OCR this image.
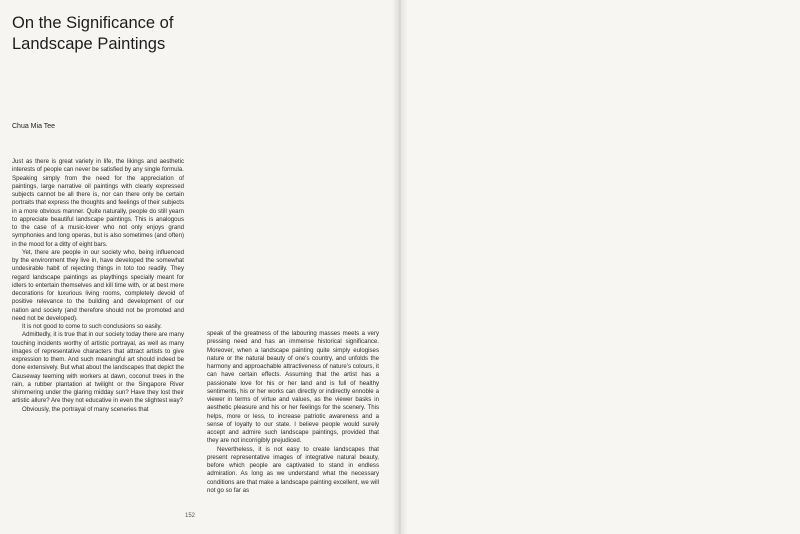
On the Significance of
Landscape Paintings
Chua Mia Tee

Just as there is great variety in life, the likings and aesthetic interests of people can never be satisfied by any single formula. Speaking simply from the need for the appreciation of paintings, large narrative oil paintings with clearly expressed subjects cannot be all there is, nor can there only be certain portraits that express the thoughts and feelings of their subjects in a more obvious manner. Quite naturally, people do still yearn to appreciate beautiful landscape paintings. This is analogous to the case of a music-lover who not only enjoys grand symphonies and long operas, but is also sometimes (and often) in the mood for a ditty of eight bars.

Yet, there are people in our society who, being influenced by the environment they live in, have developed the somewhat undesirable habit of rejecting things in toto too readily. They regard landscape paintings as playthings specially meant for idlers to entertain themselves and kill time with, or at best mere decorations for luxurious living rooms, completely devoid of positive relevance to the building and development of our nation and society (and therefore should not be promoted and need not be developed).

It is not good to come to such conclusions so easily.

Admittedly, it is true that in our society today there are many touching incidents worthy of artistic portrayal, as well as many images of representative characters that attract artists to give expression to them. And such meaningful art should indeed be done extensively. But what about the landscapes that depict the Causeway teeming with workers at dawn, coconut trees in the rain, a rubber plantation at twilight or the Singapore River shimmering under the glaring midday sun? Have they lost their artistic allure? Are they not educative in even the slightest way?

Obviously, the portrayal of many sceneries that

speak of the greatness of the labouring masses meets a very pressing need and has an immense historical significance. Moreover, when a landscape painting quite simply eulogises nature or the natural beauty of one's country, and unfolds the harmony and approachable attractiveness of nature's colours, it can have certain effects. Assuming that the artist has a passionate love for his or her land and is full of healthy sentiments, his or her works can directly or indirectly ennoble a viewer in terms of virtue and values, as the viewer basks in aesthetic pleasure and his or her feelings for the scenery. This helps, more or less, to increase patriotic awareness and a sense of loyalty to our state. I believe people would surely accept and admire such landscape paintings, provided that they are not incorrigibly prejudiced.

Nevertheless, it is not easy to create landscapes that present representative images of integrative natural beauty, before which people are captivated to stand in endless admiration. As long as we understand what the necessary conditions are that make a landscape painting excellent, we will not go so far as

152
